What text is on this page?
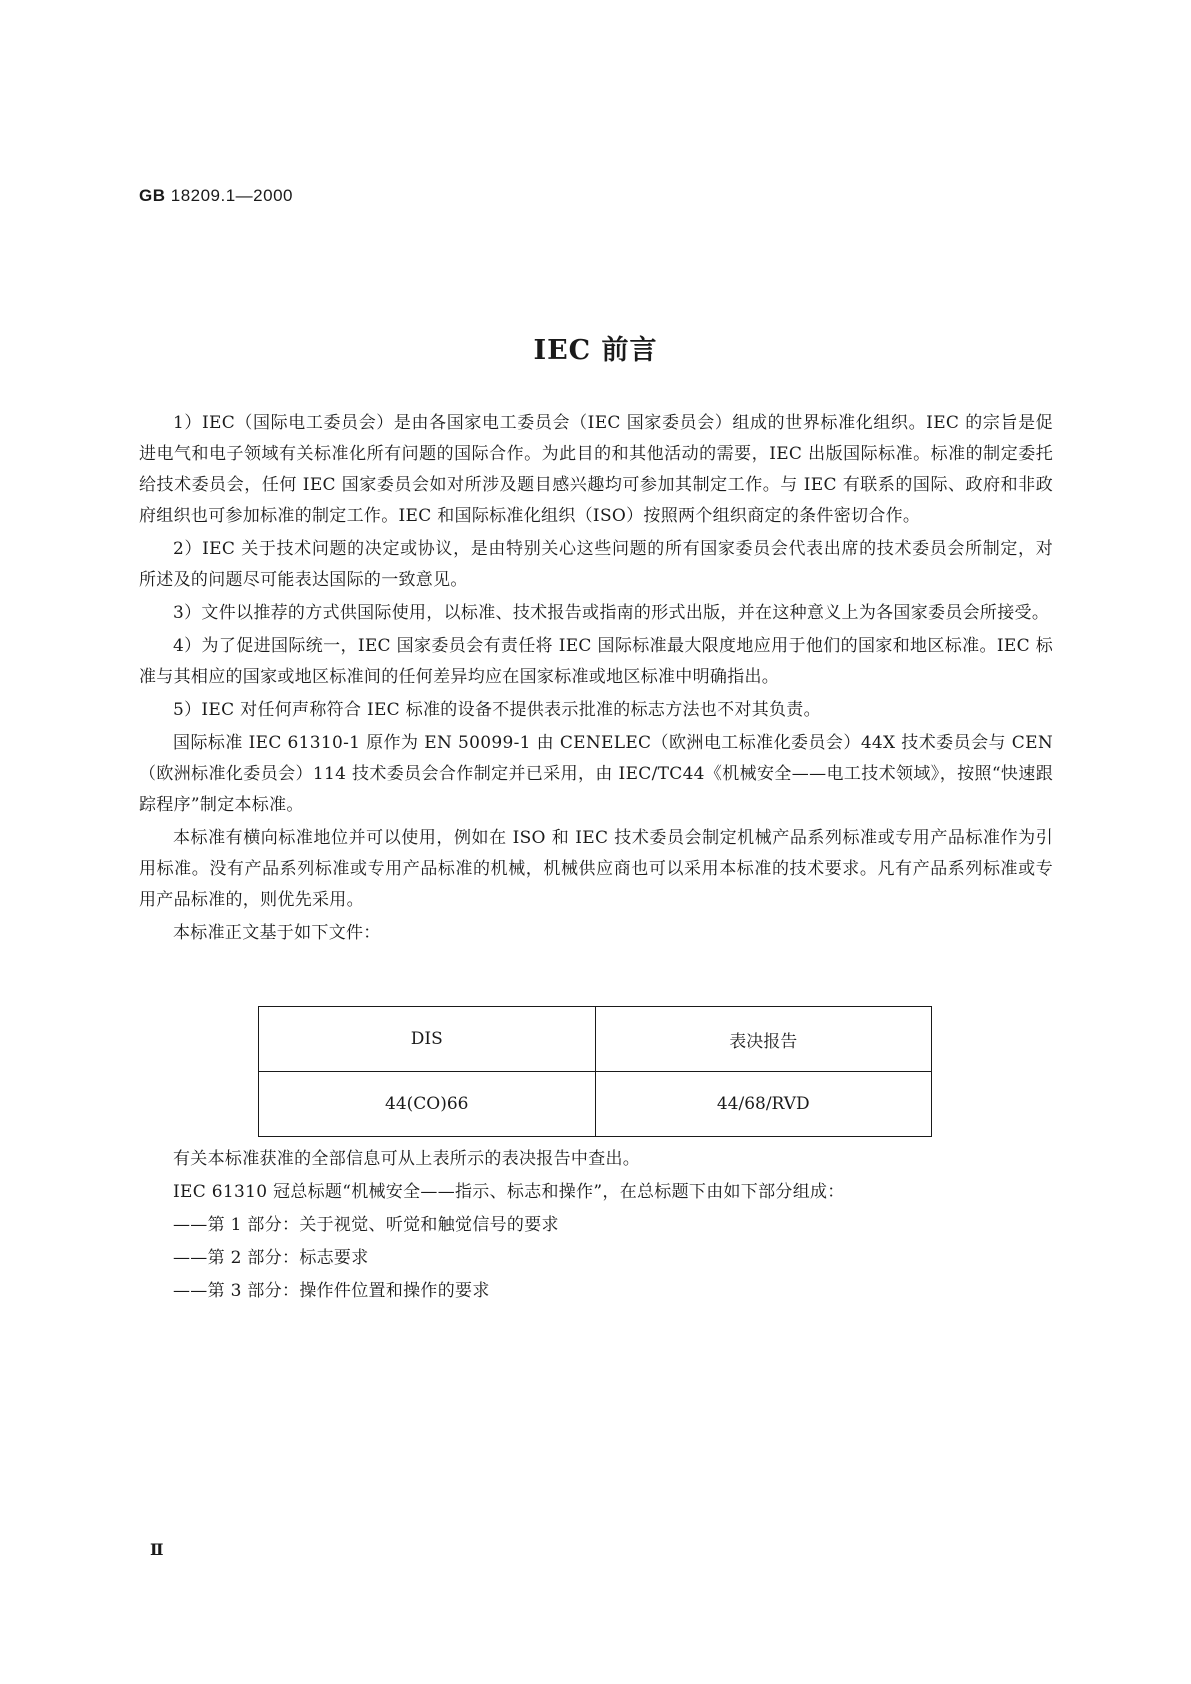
GB 18209.1—2000
IEC 前言

1）IEC（国际电工委员会）是由各国家电工委员会（IEC 国家委员会）组成的世界标准化组织。IEC 的宗旨是促进电气和电子领域有关标准化所有问题的国际合作。为此目的和其他活动的需要，IEC 出版国际标准。标准的制定委托给技术委员会，任何 IEC 国家委员会如对所涉及题目感兴趣均可参加其制定工作。与 IEC 有联系的国际、政府和非政府组织也可参加标准的制定工作。IEC 和国际标准化组织（ISO）按照两个组织商定的条件密切合作。

2）IEC 关于技术问题的决定或协议，是由特别关心这些问题的所有国家委员会代表出席的技术委员会所制定，对所述及的问题尽可能表达国际的一致意见。

3）文件以推荐的方式供国际使用，以标准、技术报告或指南的形式出版，并在这种意义上为各国家委员会所接受。

4）为了促进国际统一，IEC 国家委员会有责任将 IEC 国际标准最大限度地应用于他们的国家和地区标准。IEC 标准与其相应的国家或地区标准间的任何差异均应在国家标准或地区标准中明确指出。

5）IEC 对任何声称符合 IEC 标准的设备不提供表示批准的标志方法也不对其负责。

国际标准 IEC 61310-1 原作为 EN 50099-1 由 CENELEC（欧洲电工标准化委员会）44X 技术委员会与 CEN（欧洲标准化委员会）114 技术委员会合作制定并已采用，由 IEC/TC44《机械安全——电工技术领域》，按照“快速跟踪程序”制定本标准。

本标准有横向标准地位并可以使用，例如在 ISO 和 IEC 技术委员会制定机械产品系列标准或专用产品标准作为引用标准。没有产品系列标准或专用产品标准的机械，机械供应商也可以采用本标准的技术要求。凡有产品系列标准或专用产品标准的，则优先采用。

本标准正文基于如下文件：

DIS	表决报告
44(CO)66	44/68/RVD

有关本标准获准的全部信息可从上表所示的表决报告中查出。

IEC 61310 冠总标题“机械安全——指示、标志和操作”，在总标题下由如下部分组成：

——第 1 部分：关于视觉、听觉和触觉信号的要求

——第 2 部分：标志要求

——第 3 部分：操作件位置和操作的要求

Ⅱ
